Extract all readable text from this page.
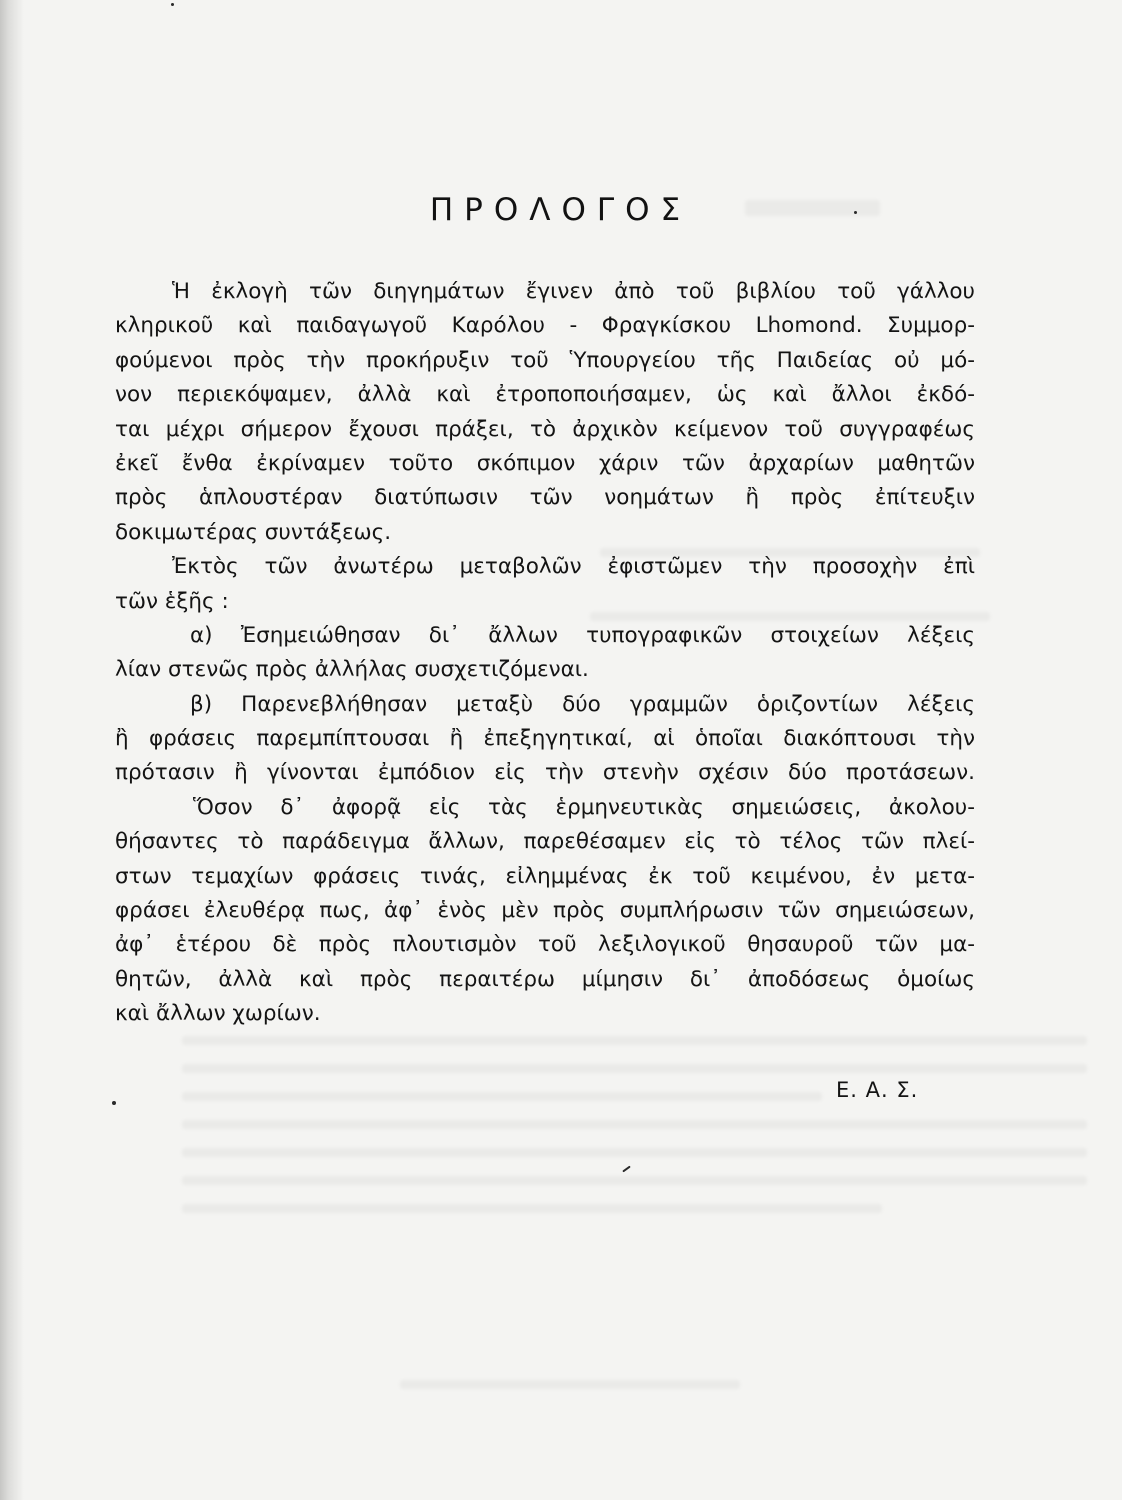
ΠΡΟΛΟΓΟΣ
Ἡ ἐκλογὴ τῶν διηγημάτων ἔγινεν ἀπὸ τοῦ βιβλίου τοῦ γάλλου
κληρικοῦ καὶ παιδαγωγοῦ Καρόλου - Φραγκίσκου Lhomond. Συμμορ-
φούμενοι πρὸς τὴν προκήρυξιν τοῦ Ὑπουργείου τῆς Παιδείας οὐ μό-
νον περιεκόψαμεν, ἀλλὰ καὶ ἐτροποποιήσαμεν, ὡς καὶ ἄλλοι ἐκδό-
ται μέχρι σήμερον ἔχουσι πράξει, τὸ ἀρχικὸν κείμενον τοῦ συγγραφέως
ἐκεῖ ἔνθα ἐκρίναμεν τοῦτο σκόπιμον χάριν τῶν ἀρχαρίων μαθητῶν
πρὸς ἁπλουστέραν διατύπωσιν τῶν νοημάτων ἢ πρὸς ἐπίτευξιν
δοκιμωτέρας συντάξεως.
Ἐκτὸς τῶν ἀνωτέρω μεταβολῶν ἐφιστῶμεν τὴν προσοχὴν ἐπὶ
τῶν ἑξῆς :
α) Ἐσημειώθησαν δι᾽ ἄλλων τυπογραφικῶν στοιχείων λέξεις
λίαν στενῶς πρὸς ἀλλήλας συσχετιζόμεναι.
β) Παρενεβλήθησαν μεταξὺ δύο γραμμῶν ὁριζοντίων λέξεις
ἢ φράσεις παρεμπίπτουσαι ἢ ἐπεξηγητικαί, αἱ ὁποῖαι διακόπτουσι τὴν
πρότασιν ἢ γίνονται ἐμπόδιον εἰς τὴν στενὴν σχέσιν δύο προτάσεων.
Ὅσον δ᾽ ἀφορᾷ εἰς τὰς ἑρμηνευτικὰς σημειώσεις, ἀκολου-
θήσαντες τὸ παράδειγμα ἄλλων, παρεθέσαμεν εἰς τὸ τέλος τῶν πλεί-
στων τεμαχίων φράσεις τινάς, εἰλημμένας ἐκ τοῦ κειμένου, ἐν μετα-
φράσει ἐλευθέρᾳ πως, ἀφ᾽ ἑνὸς μὲν πρὸς συμπλήρωσιν τῶν σημειώσεων,
ἀφ᾽ ἑτέρου δὲ πρὸς πλουτισμὸν τοῦ λεξιλογικοῦ θησαυροῦ τῶν μα-
θητῶν, ἀλλὰ καὶ πρὸς περαιτέρω μίμησιν δι᾽ ἀποδόσεως ὁμοίως
καὶ ἄλλων χωρίων.
Ε. Α. Σ.
